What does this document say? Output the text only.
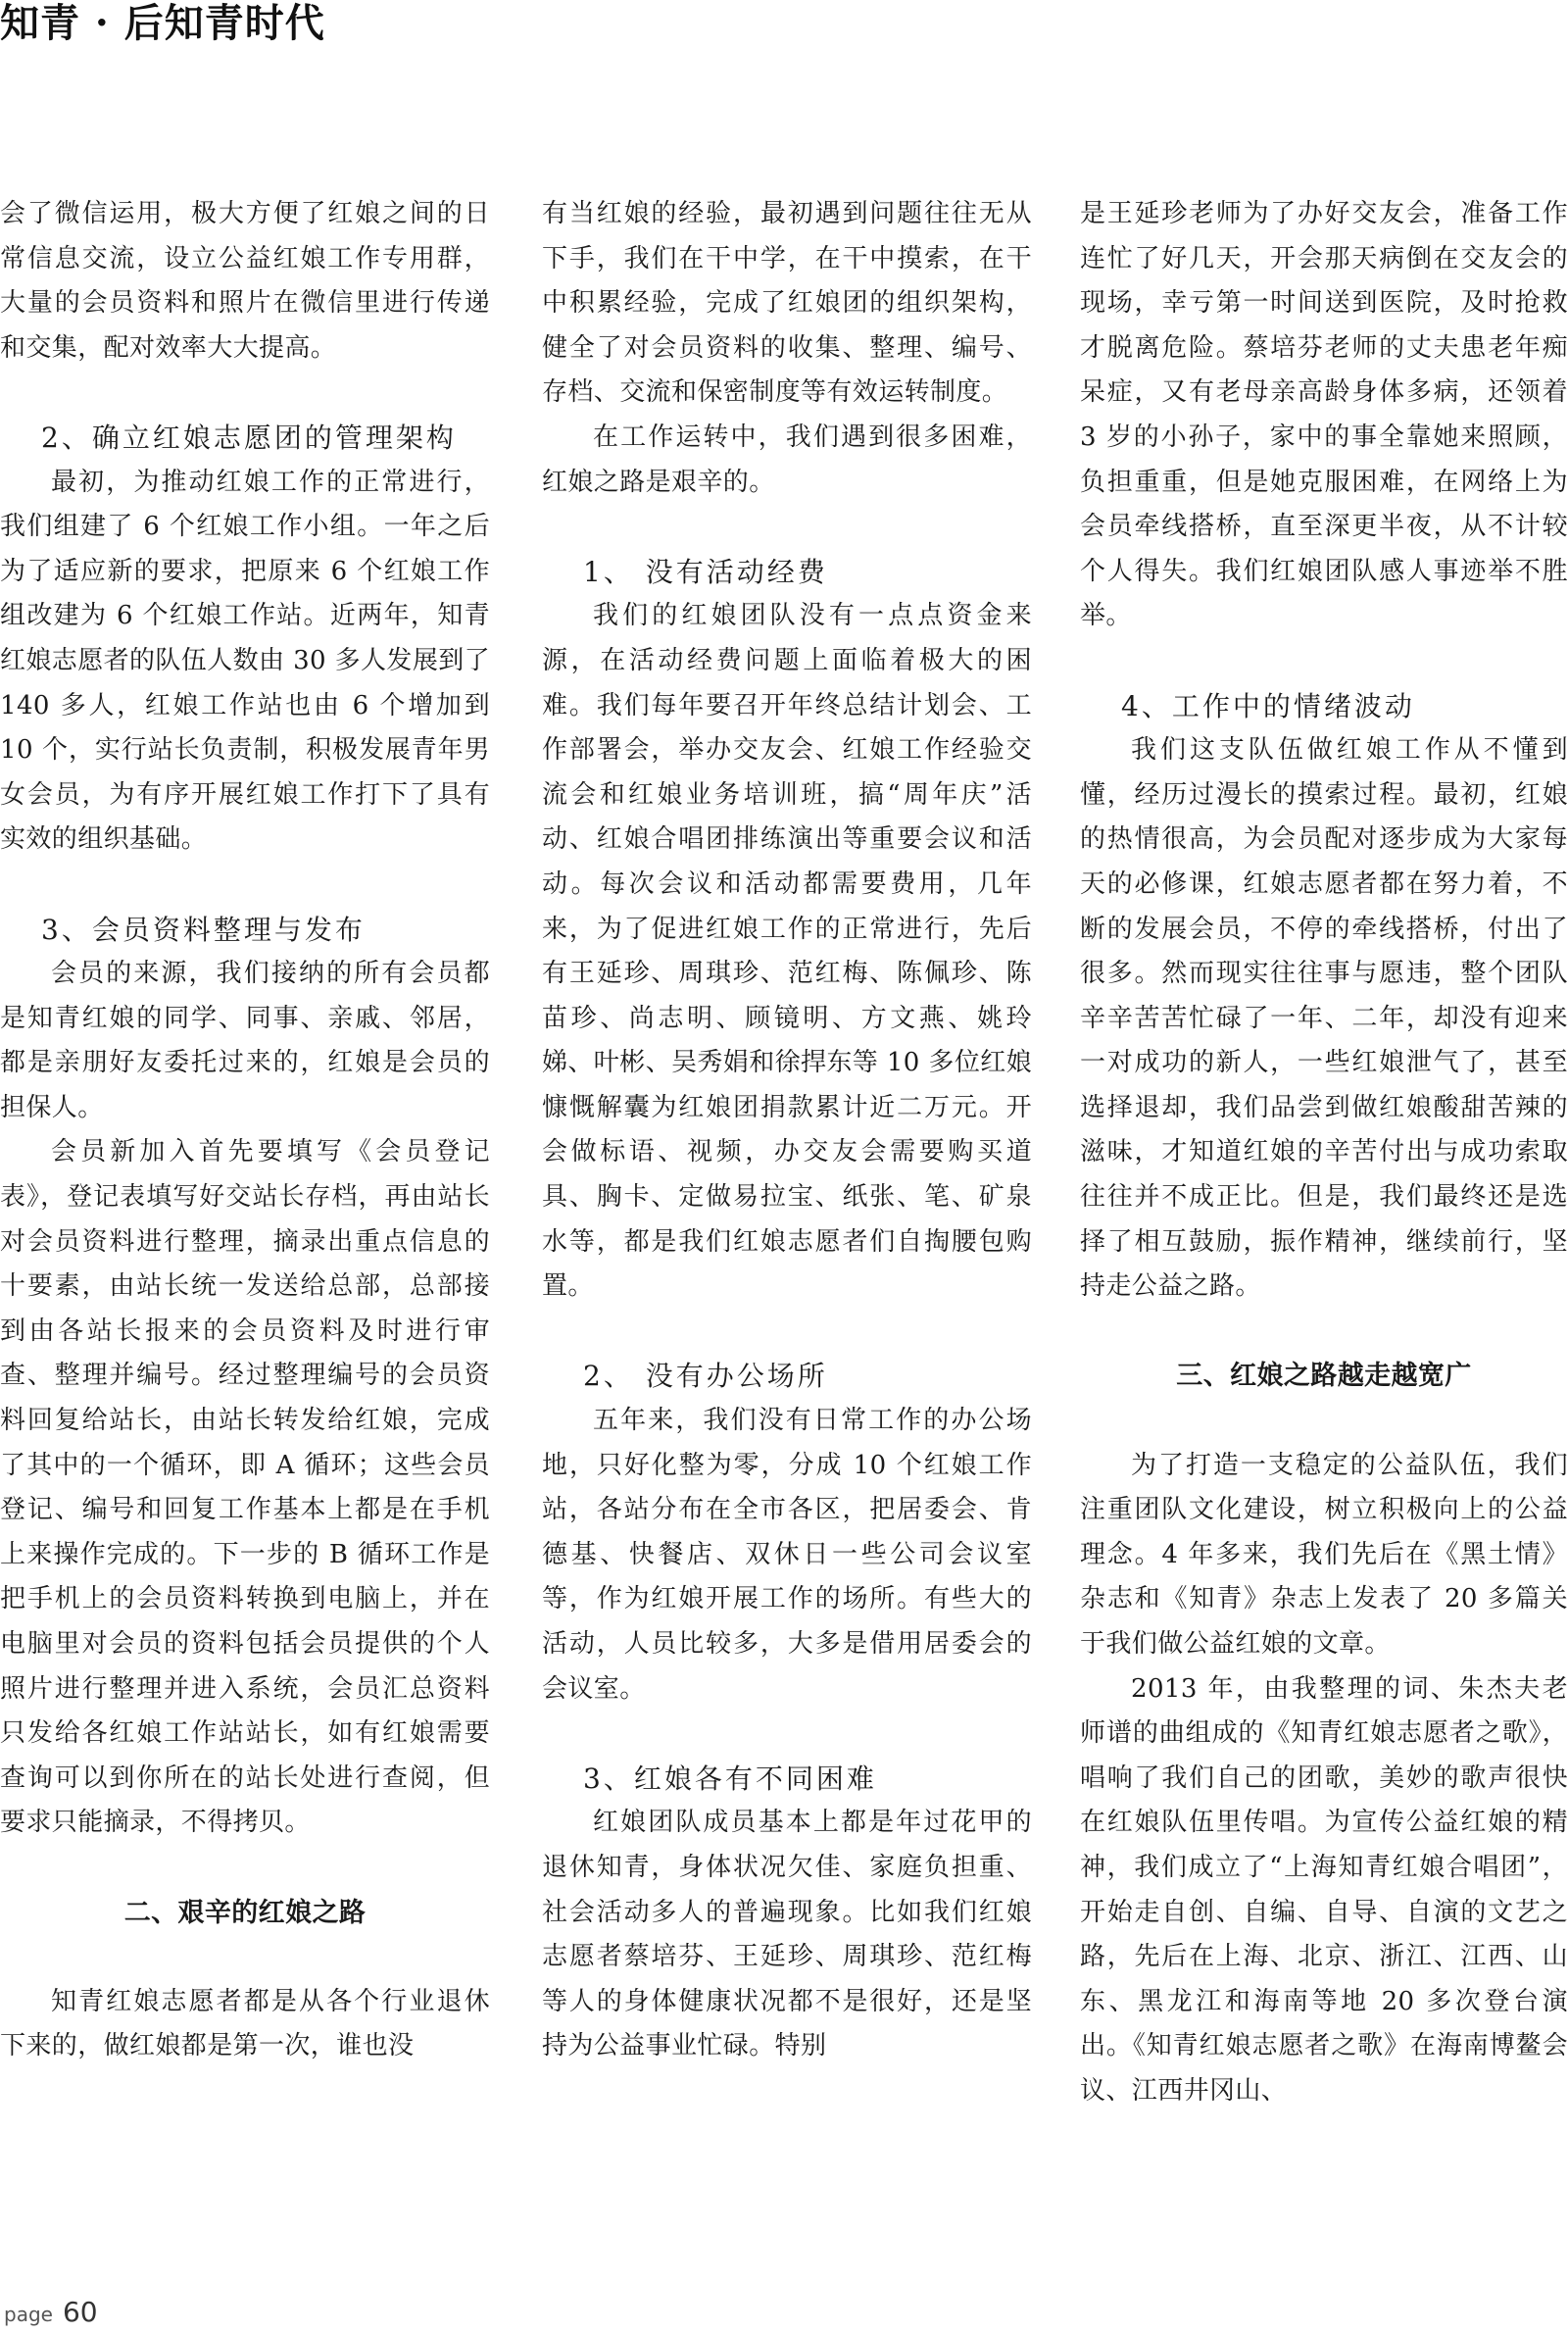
知青 · 后知青时代

会了微信运用，极大方便了红娘之间的日常信息交流，设立公益红娘工作专用群，大量的会员资料和照片在微信里进行传递和交集，配对效率大大提高。

2、确立红娘志愿团的管理架构

最初，为推动红娘工作的正常进行，我们组建了 6 个红娘工作小组。一年之后为了适应新的要求，把原来 6 个红娘工作组改建为 6 个红娘工作站。近两年，知青红娘志愿者的队伍人数由 30 多人发展到了 140 多人，红娘工作站也由 6 个增加到 10 个，实行站长负责制，积极发展青年男女会员，为有序开展红娘工作打下了具有实效的组织基础。

3、会员资料整理与发布

会员的来源，我们接纳的所有会员都是知青红娘的同学、同事、亲戚、邻居，都是亲朋好友委托过来的，红娘是会员的担保人。

会员新加入首先要填写《会员登记表》，登记表填写好交站长存档，再由站长对会员资料进行整理，摘录出重点信息的十要素，由站长统一发送给总部，总部接到由各站长报来的会员资料及时进行审查、整理并编号。经过整理编号的会员资料回复给站长，由站长转发给红娘，完成了其中的一个循环，即 A 循环；这些会员登记、编号和回复工作基本上都是在手机上来操作完成的。下一步的 B 循环工作是把手机上的会员资料转换到电脑上，并在电脑里对会员的资料包括会员提供的个人照片进行整理并进入系统，会员汇总资料只发给各红娘工作站站长，如有红娘需要查询可以到你所在的站长处进行查阅，但要求只能摘录，不得拷贝。

二、艰辛的红娘之路

知青红娘志愿者都是从各个行业退休下来的，做红娘都是第一次，谁也没

有当红娘的经验，最初遇到问题往往无从下手，我们在干中学，在干中摸索，在干中积累经验，完成了红娘团的组织架构，健全了对会员资料的收集、整理、编号、存档、交流和保密制度等有效运转制度。

在工作运转中，我们遇到很多困难，红娘之路是艰辛的。

1、 没有活动经费

我们的红娘团队没有一点点资金来源，在活动经费问题上面临着极大的困难。我们每年要召开年终总结计划会、工作部署会，举办交友会、红娘工作经验交流会和红娘业务培训班，搞“周年庆”活动、红娘合唱团排练演出等重要会议和活动。每次会议和活动都需要费用，几年来，为了促进红娘工作的正常进行，先后有王延珍、周琪珍、范红梅、陈佩珍、陈苗珍、尚志明、顾镜明、方文燕、姚玲娣、叶彬、吴秀娟和徐捍东等 10 多位红娘慷慨解囊为红娘团捐款累计近二万元。开会做标语、视频，办交友会需要购买道具、胸卡、定做易拉宝、纸张、笔、矿泉水等，都是我们红娘志愿者们自掏腰包购置。

2、 没有办公场所

五年来，我们没有日常工作的办公场地，只好化整为零，分成 10 个红娘工作站，各站分布在全市各区，把居委会、肯德基、快餐店、双休日一些公司会议室等，作为红娘开展工作的场所。有些大的活动，人员比较多，大多是借用居委会的会议室。

3、红娘各有不同困难

红娘团队成员基本上都是年过花甲的退休知青，身体状况欠佳、家庭负担重、社会活动多人的普遍现象。比如我们红娘志愿者蔡培芬、王延珍、周琪珍、范红梅等人的身体健康状况都不是很好，还是坚持为公益事业忙碌。特别

是王延珍老师为了办好交友会，准备工作连忙了好几天，开会那天病倒在交友会的现场，幸亏第一时间送到医院，及时抢救才脱离危险。蔡培芬老师的丈夫患老年痴呆症，又有老母亲高龄身体多病，还领着 3 岁的小孙子，家中的事全靠她来照顾，负担重重，但是她克服困难，在网络上为会员牵线搭桥，直至深更半夜，从不计较个人得失。我们红娘团队感人事迹举不胜举。

4、工作中的情绪波动

我们这支队伍做红娘工作从不懂到懂，经历过漫长的摸索过程。最初，红娘的热情很高，为会员配对逐步成为大家每天的必修课，红娘志愿者都在努力着，不断的发展会员，不停的牵线搭桥，付出了很多。然而现实往往事与愿违，整个团队辛辛苦苦忙碌了一年、二年，却没有迎来一对成功的新人，一些红娘泄气了，甚至选择退却，我们品尝到做红娘酸甜苦辣的滋味，才知道红娘的辛苦付出与成功索取往往并不成正比。但是，我们最终还是选择了相互鼓励，振作精神，继续前行，坚持走公益之路。

三、红娘之路越走越宽广

为了打造一支稳定的公益队伍，我们注重团队文化建设，树立积极向上的公益理念。4 年多来，我们先后在《黑土情》杂志和《知青》杂志上发表了 20 多篇关于我们做公益红娘的文章。

2013 年，由我整理的词、朱杰夫老师谱的曲组成的《知青红娘志愿者之歌》，唱响了我们自己的团歌，美妙的歌声很快在红娘队伍里传唱。为宣传公益红娘的精神，我们成立了“上海知青红娘合唱团”，开始走自创、自编、自导、自演的文艺之路，先后在上海、北京、浙江、江西、山东、黑龙江和海南等地 20 多次登台演出。《知青红娘志愿者之歌》在海南博鳌会议、江西井冈山、

page 60
